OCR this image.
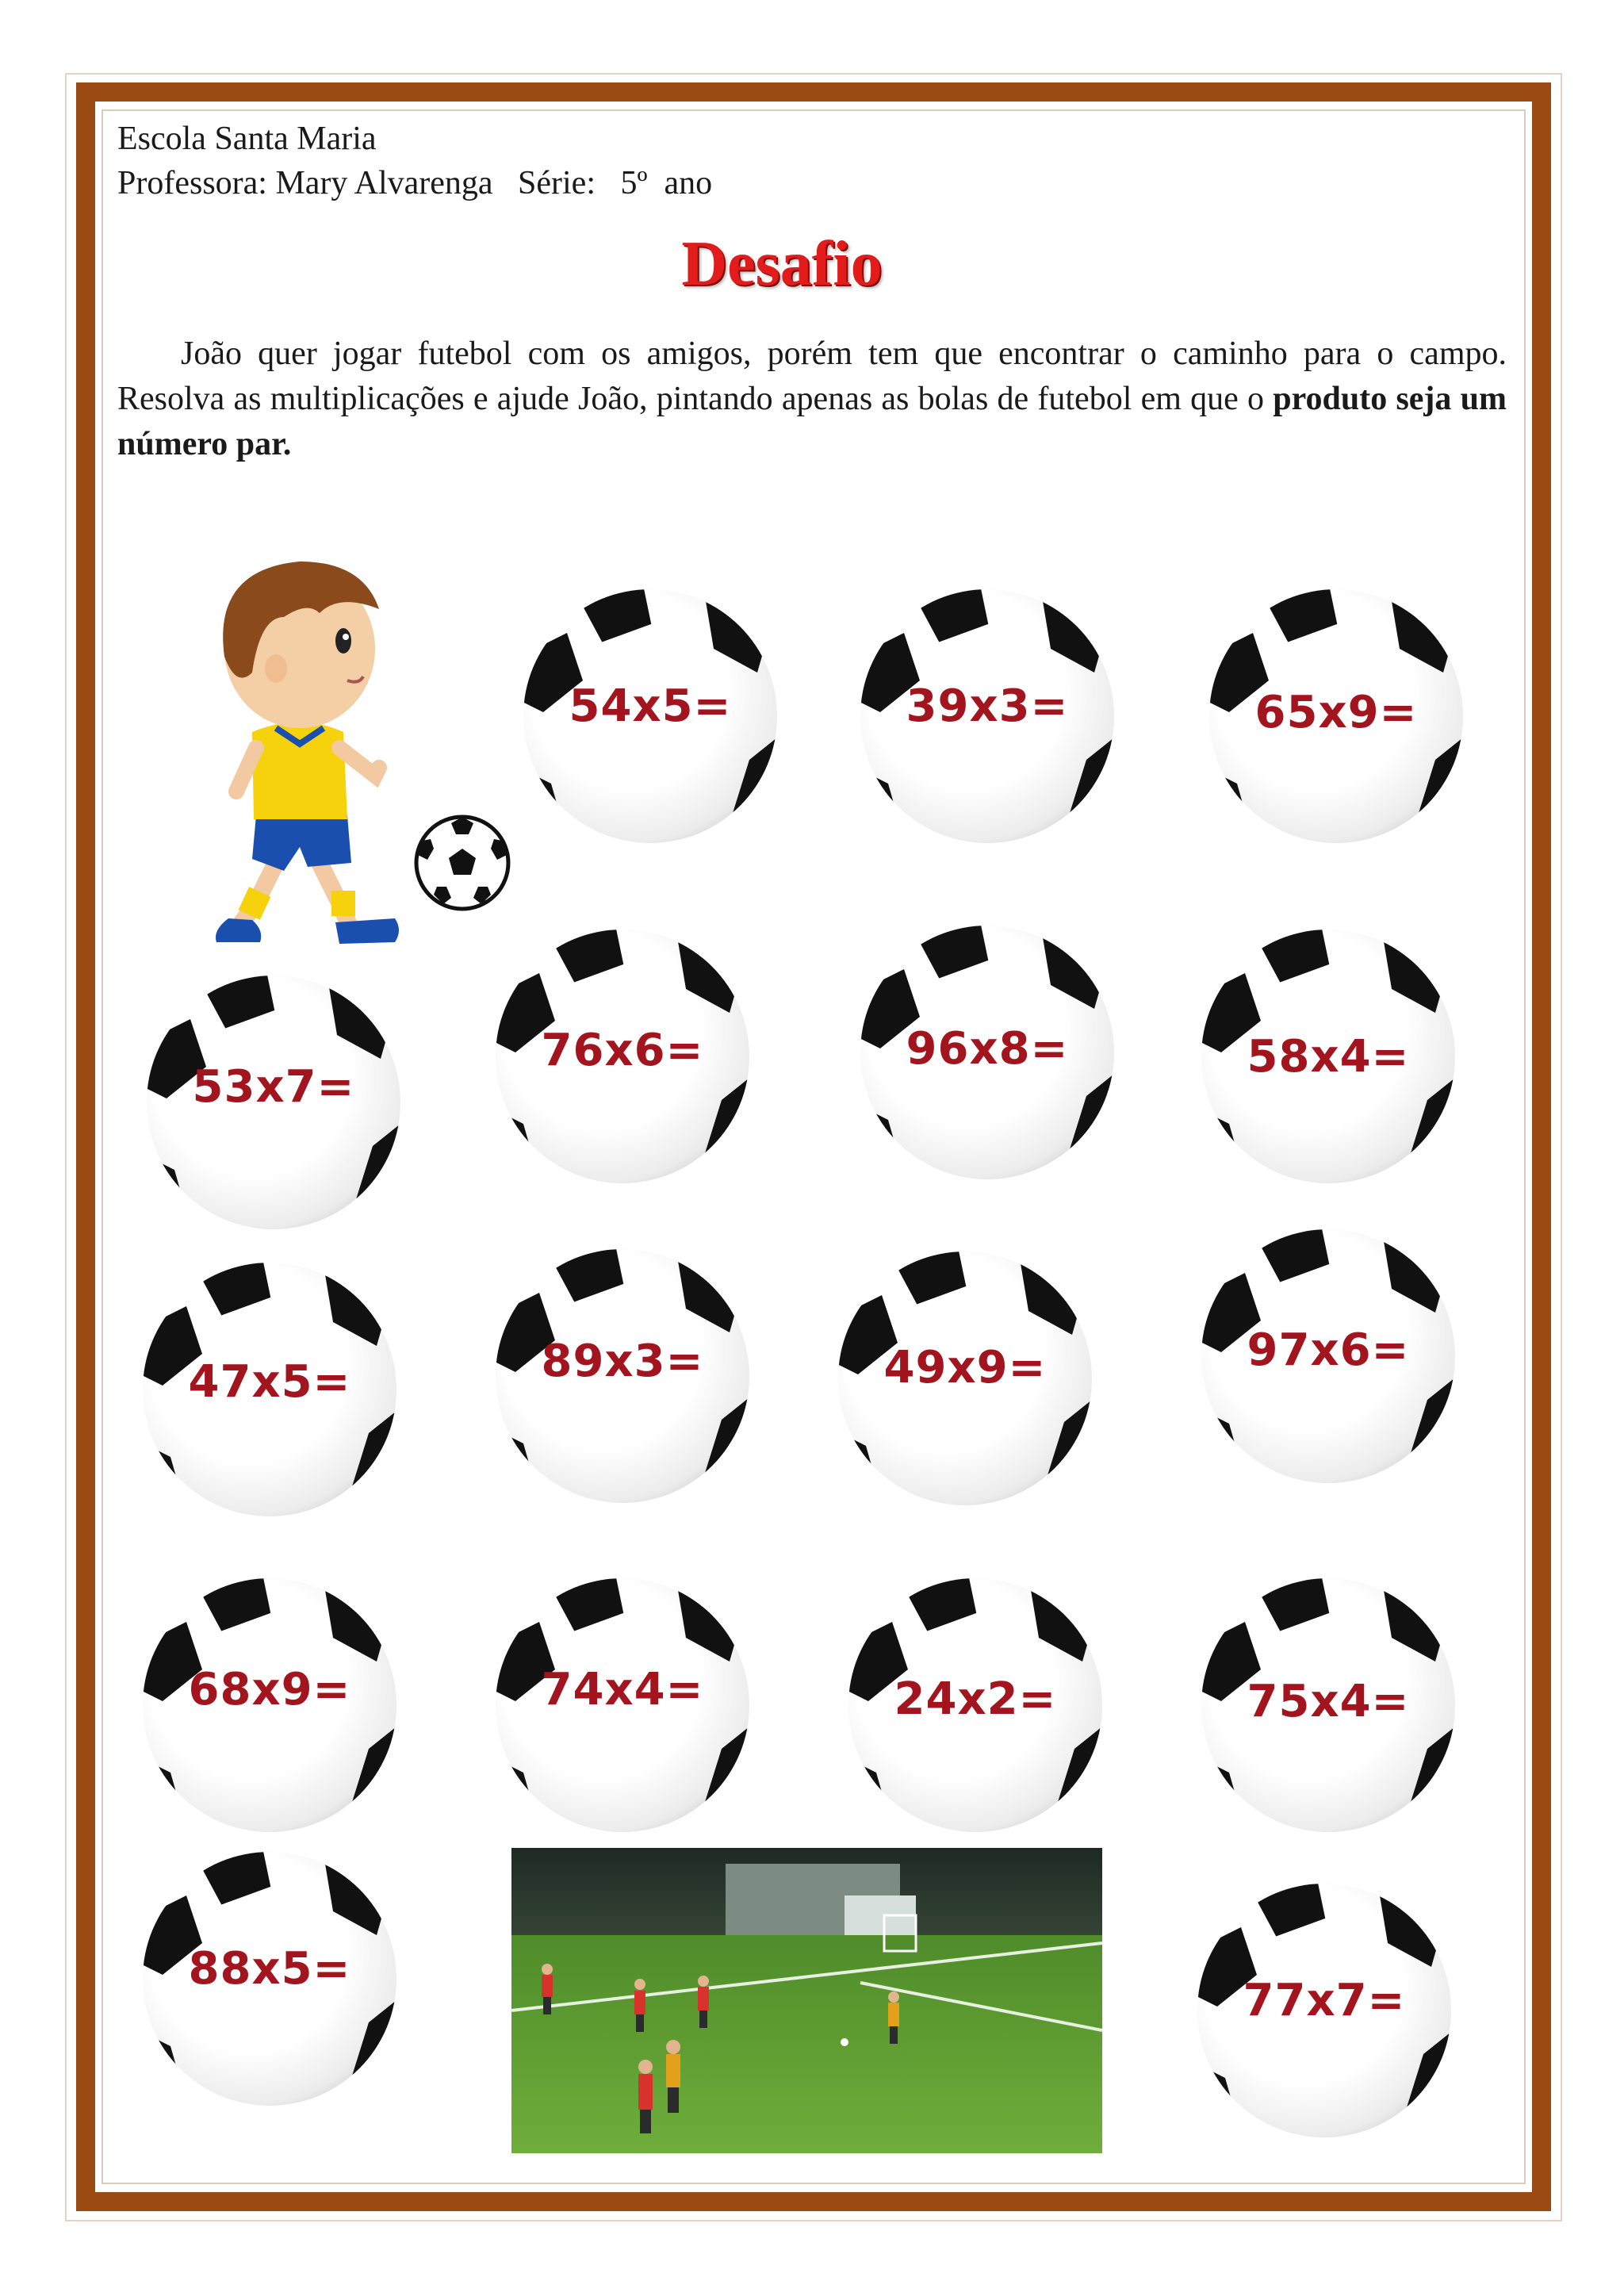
Escola Santa Maria
Professora: Mary Alvarenga   Série:   5º  ano
Desafio

João quer jogar futebol com os amigos, porém tem que encontrar o caminho para o campo. Resolva as multiplicações e ajude João, pintando apenas as bolas de futebol em que o produto seja um número par.

54x5=	39x3=	65x9=
53x7=
76x6=	96x8=	58x4=
47x5=	89x3=	49x9=	97x6=
68x9=	74x4=	24x2=	75x4=
88x5=
77x7=
